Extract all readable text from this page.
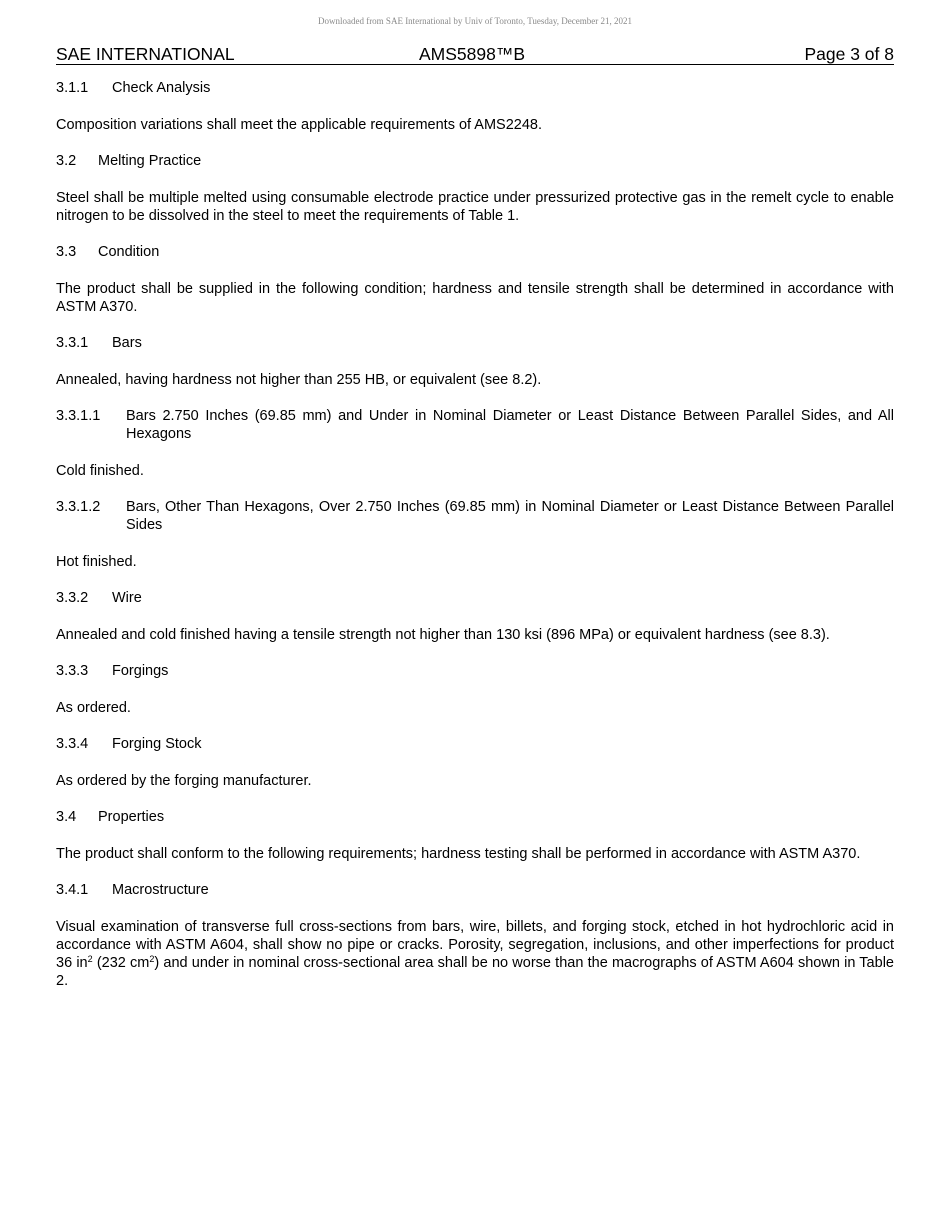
Downloaded from SAE International by Univ of Toronto, Tuesday, December 21, 2021
SAE INTERNATIONAL	AMS5898™B	Page 3 of 8
3.1.1 Check Analysis
Composition variations shall meet the applicable requirements of AMS2248.
3.2 Melting Practice
Steel shall be multiple melted using consumable electrode practice under pressurized protective gas in the remelt cycle to enable nitrogen to be dissolved in the steel to meet the requirements of Table 1.
3.3 Condition
The product shall be supplied in the following condition; hardness and tensile strength shall be determined in accordance with ASTM A370.
3.3.1 Bars
Annealed, having hardness not higher than 255 HB, or equivalent (see 8.2).
3.3.1.1	Bars 2.750 Inches (69.85 mm) and Under in Nominal Diameter or Least Distance Between Parallel Sides, and All Hexagons
Cold finished.
3.3.1.2	Bars, Other Than Hexagons, Over 2.750 Inches (69.85 mm) in Nominal Diameter or Least Distance Between Parallel Sides
Hot finished.
3.3.2 Wire
Annealed and cold finished having a tensile strength not higher than 130 ksi (896 MPa) or equivalent hardness (see 8.3).
3.3.3 Forgings
As ordered.
3.3.4 Forging Stock
As ordered by the forging manufacturer.
3.4 Properties
The product shall conform to the following requirements; hardness testing shall be performed in accordance with ASTM A370.
3.4.1 Macrostructure
Visual examination of transverse full cross-sections from bars, wire, billets, and forging stock, etched in hot hydrochloric acid in accordance with ASTM A604, shall show no pipe or cracks. Porosity, segregation, inclusions, and other imperfections for product 36 $in^2$ (232 $cm^2$) and under in nominal cross-sectional area shall be no worse than the macrographs of ASTM A604 shown in Table 2.
